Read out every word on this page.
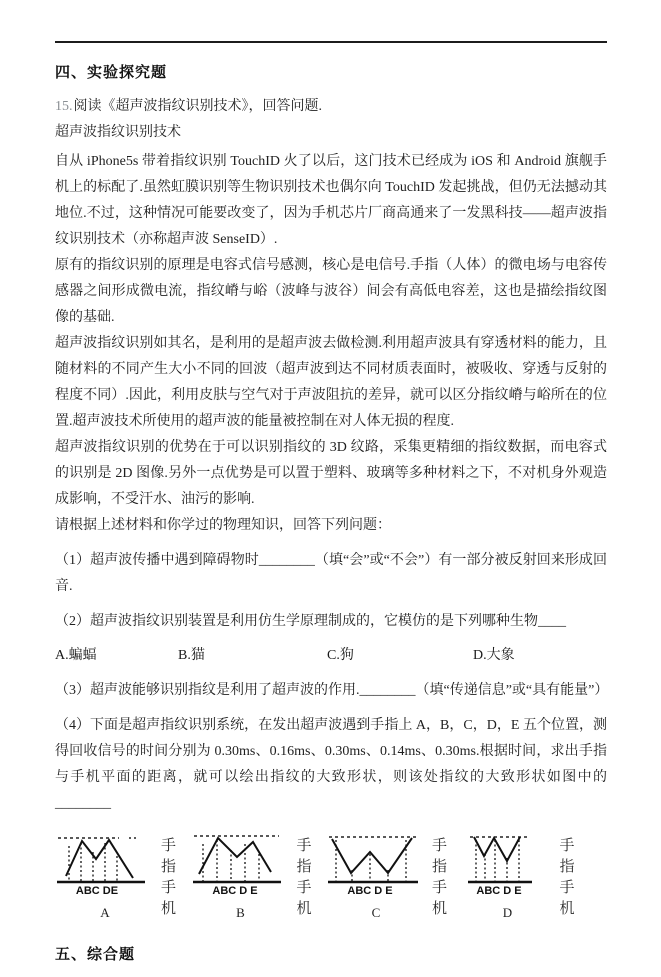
四、实验探究题
15.阅读《超声波指纹识别技术》，回答问题.
超声波指纹识别技术
自从 iPhone5s 带着指纹识别 TouchID 火了以后，这门技术已经成为 iOS 和 Android 旗舰手机上的标配了.虽然虹膜识别等生物识别技术也偶尔向 TouchID 发起挑战，但仍无法撼动其地位.不过，这种情况可能要改变了，因为手机芯片厂商高通来了一发黑科技——超声波指纹识别技术（亦称超声波 SenseID）.
原有的指纹识别的原理是电容式信号感测，核心是电信号.手指（人体）的微电场与电容传感器之间形成微电流，指纹嵴与峪（波峰与波谷）间会有高低电容差，这也是描绘指纹图像的基础.
超声波指纹识别如其名，是利用的是超声波去做检测.利用超声波具有穿透材料的能力，且随材料的不同产生大小不同的回波（超声波到达不同材质表面时，被吸收、穿透与反射的程度不同）.因此，利用皮肤与空气对于声波阻抗的差异，就可以区分指纹嵴与峪所在的位置.超声波技术所使用的超声波的能量被控制在对人体无损的程度.
超声波指纹识别的优势在于可以识别指纹的 3D 纹路，采集更精细的指纹数据，而电容式的识别是 2D 图像.另外一点优势是可以置于塑料、玻璃等多种材料之下，不对机身外观造成影响，不受汗水、油污的影响.
请根据上述材料和你学过的物理知识，回答下列问题：
（1）超声波传播中遇到障碍物时________（填“会”或“不会”）有一部分被反射回来形成回音.
（2）超声波指纹识别装置是利用仿生学原理制成的，它模仿的是下列哪种生物____
A.蝙蝠	B.猫	C.狗	D.大象
（3）超声波能够识别指纹是利用了超声波的作用.________（填“传递信息”或“具有能量”）
（4）下面是超声指纹识别系统，在发出超声波遇到手指上 A，B，C，D，E 五个位置，测得回收信号的时间分别为 0.30ms、0.16ms、0.30ms、0.14ms、0.30ms.根据时间，求出手指与手机平面的距离，就可以绘出指纹的大致形状，则该处指纹的大致形状如图中的________
ABC DE
A
手指
手机
ABC D E
B
手指
手机
ABC D E
C
手指
手机
ABC D E
D
手指
手机
五、综合题
